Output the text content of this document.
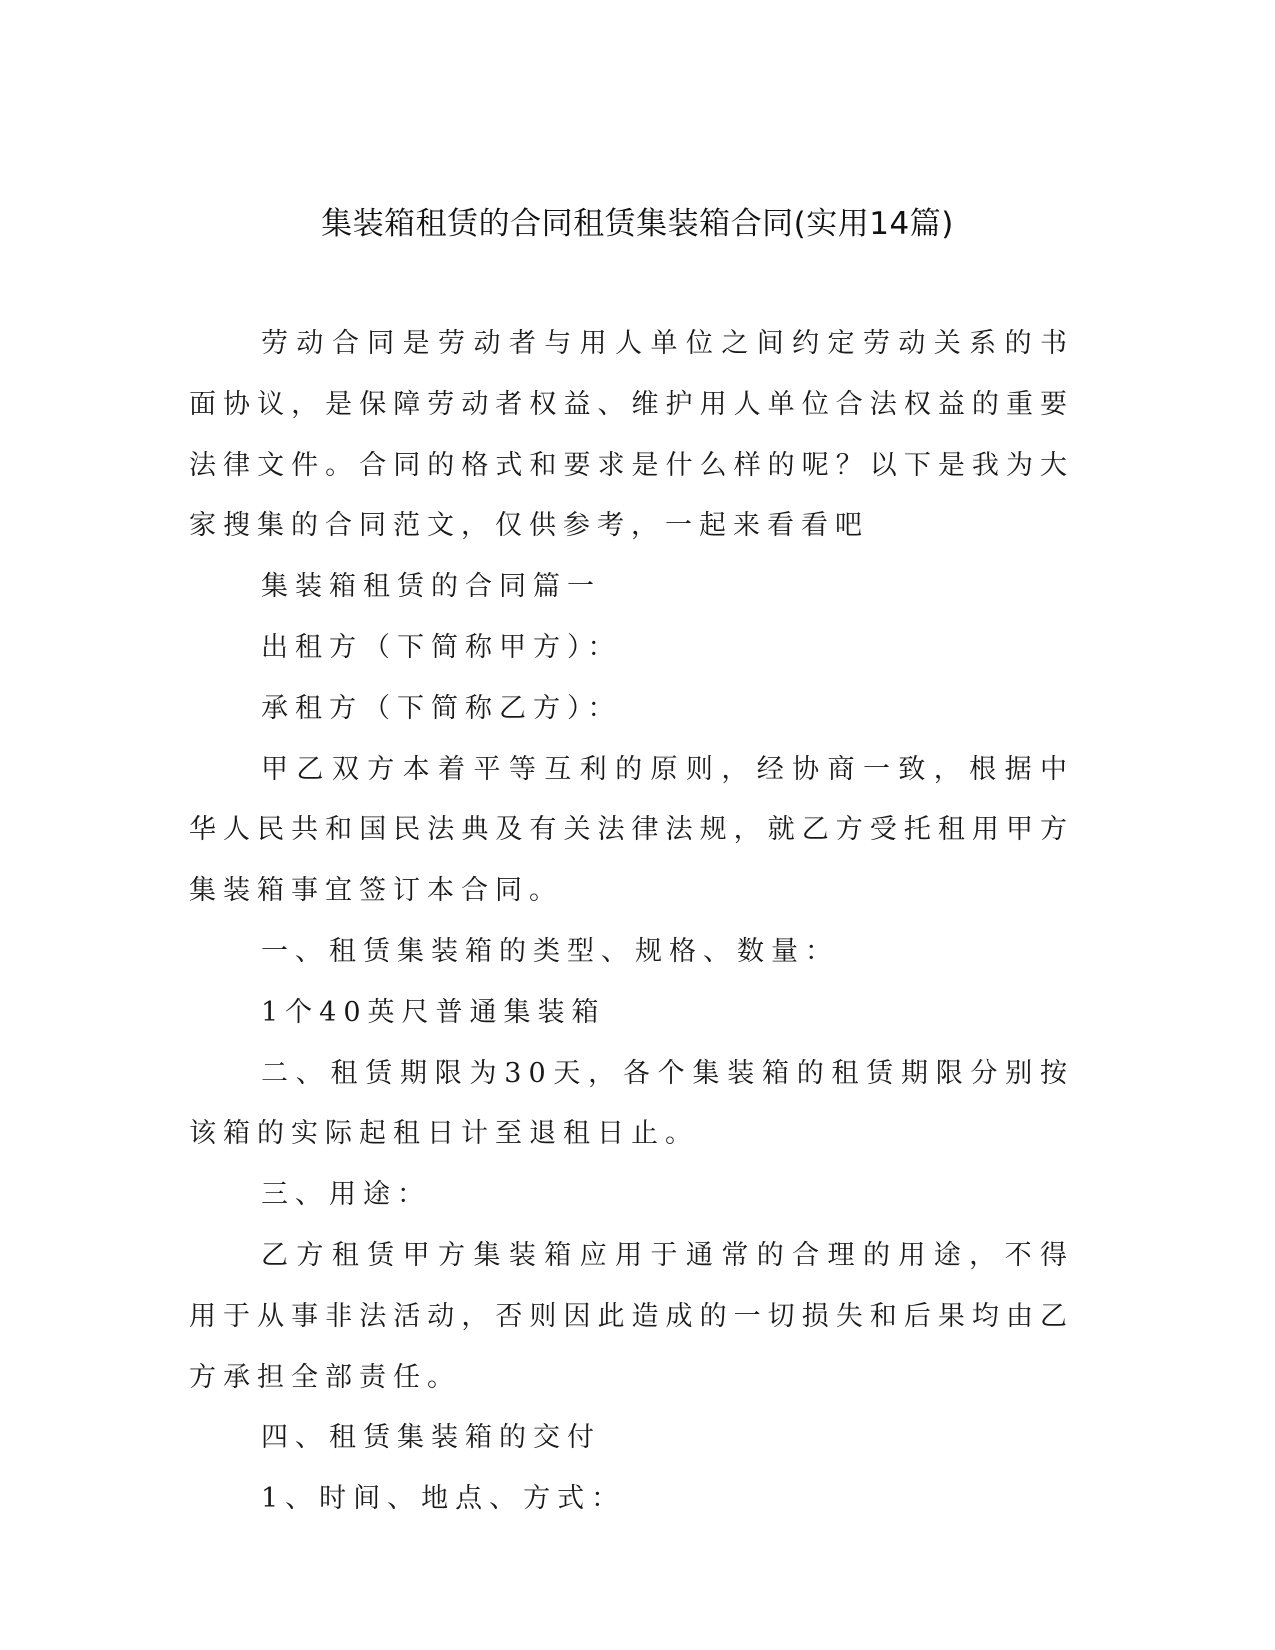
集装箱租赁的合同租赁集装箱合同(实用14篇)

劳动合同是劳动者与用人单位之间约定劳动关系的书面协议，是保障劳动者权益、维护用人单位合法权益的重要法律文件。合同的格式和要求是什么样的呢？以下是我为大家搜集的合同范文，仅供参考，一起来看看吧

集装箱租赁的合同篇一

出租方（下简称甲方）：

承租方（下简称乙方）：

甲乙双方本着平等互利的原则，经协商一致，根据中华人民共和国民法典及有关法律法规，就乙方受托租用甲方集装箱事宜签订本合同。

一、租赁集装箱的类型、规格、数量：

1个40英尺普通集装箱

二、租赁期限为30天，各个集装箱的租赁期限分别按该箱的实际起租日计至退租日止。

三、用途：

乙方租赁甲方集装箱应用于通常的合理的用途，不得用于从事非法活动，否则因此造成的一切损失和后果均由乙方承担全部责任。

四、租赁集装箱的交付

1、时间、地点、方式：
